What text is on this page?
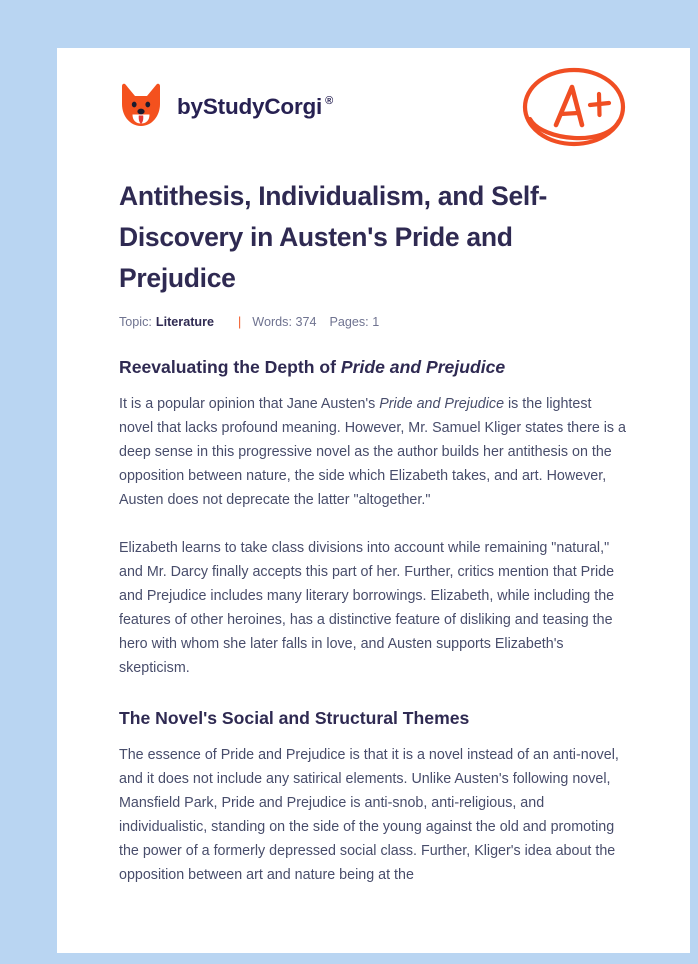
by StudyCorgi ®
Antithesis, Individualism, and Self-Discovery in Austen's Pride and Prejudice
Topic: Literature | Words: 374 Pages: 1
Reevaluating the Depth of Pride and Prejudice

It is a popular opinion that Jane Austen's Pride and Prejudice is the lightest novel that lacks profound meaning. However, Mr. Samuel Kliger states there is a deep sense in this progressive novel as the author builds her antithesis on the opposition between nature, the side which Elizabeth takes, and art. However, Austen does not deprecate the latter "altogether."

Elizabeth learns to take class divisions into account while remaining "natural," and Mr. Darcy finally accepts this part of her. Further, critics mention that Pride and Prejudice includes many literary borrowings. Elizabeth, while including the features of other heroines, has a distinctive feature of disliking and teasing the hero with whom she later falls in love, and Austen supports Elizabeth's skepticism.

The Novel's Social and Structural Themes

The essence of Pride and Prejudice is that it is a novel instead of an anti-novel, and it does not include any satirical elements. Unlike Austen's following novel, Mansfield Park, Pride and Prejudice is anti-snob, anti-religious, and individualistic, standing on the side of the young against the old and promoting the power of a formerly depressed social class. Further, Kliger's idea about the opposition between art and nature being at the
